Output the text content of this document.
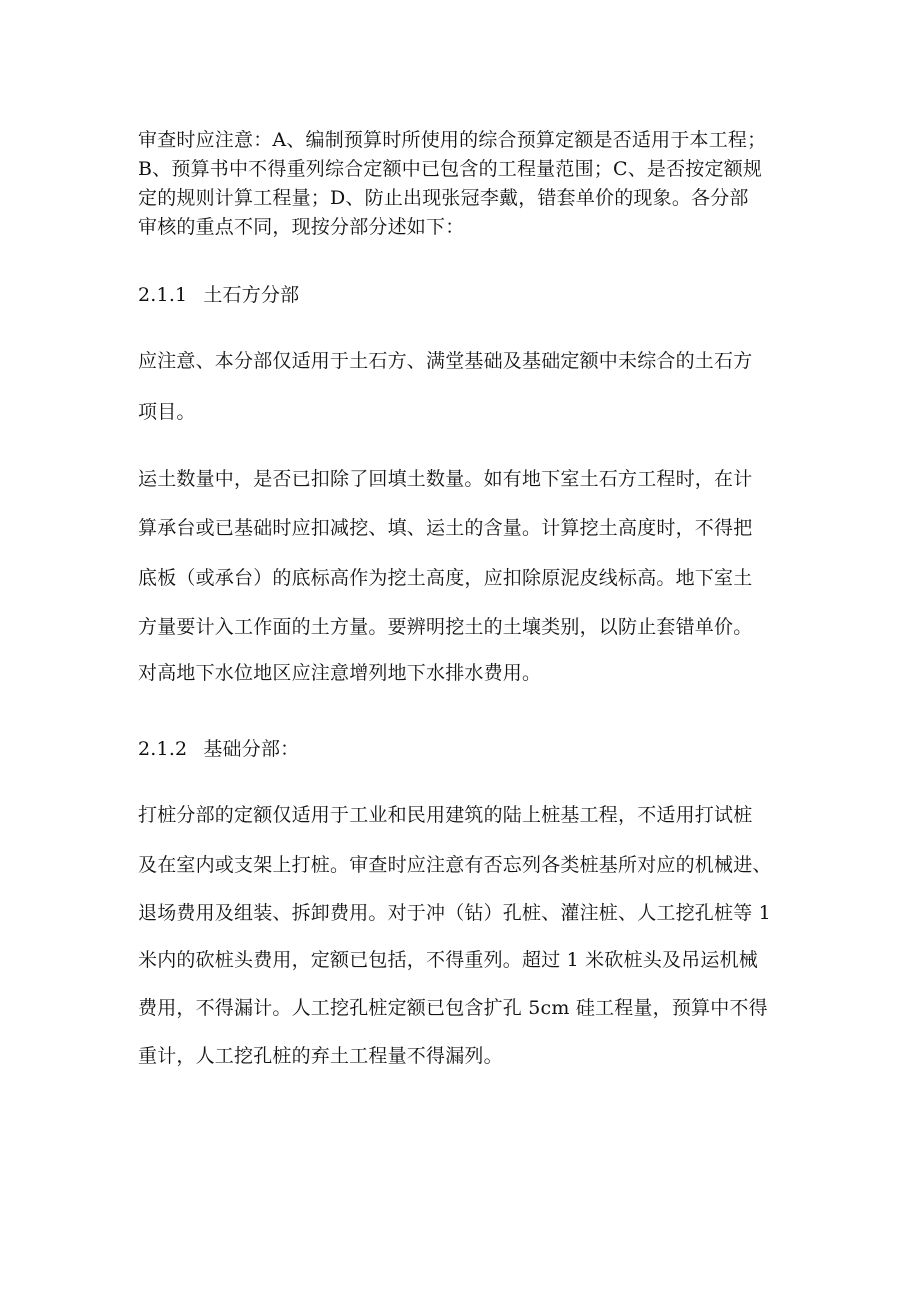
审查时应注意：A、编制预算时所使用的综合预算定额是否适用于本工程；
B、预算书中不得重列综合定额中已包含的工程量范围；C、是否按定额规
定的规则计算工程量；D、防止出现张冠李戴，错套单价的现象。各分部
审核的重点不同，现按分部分述如下：
2.1.1 土石方分部
应注意、本分部仅适用于土石方、满堂基础及基础定额中未综合的土石方
项目。
运土数量中，是否已扣除了回填土数量。如有地下室土石方工程时，在计
算承台或已基础时应扣减挖、填、运土的含量。计算挖土高度时，不得把
底板（或承台）的底标高作为挖土高度，应扣除原泥皮线标高。地下室土
方量要计入工作面的土方量。要辨明挖土的土壤类别，以防止套错单价。
对高地下水位地区应注意增列地下水排水费用。
2.1.2 基础分部：
打桩分部的定额仅适用于工业和民用建筑的陆上桩基工程，不适用打试桩
及在室内或支架上打桩。审查时应注意有否忘列各类桩基所对应的机械进、
退场费用及组装、拆卸费用。对于冲（钻）孔桩、灌注桩、人工挖孔桩等 1
米内的砍桩头费用，定额已包括，不得重列。超过 1 米砍桩头及吊运机械
费用，不得漏计。人工挖孔桩定额已包含扩孔 5cm 硅工程量，预算中不得
重计，人工挖孔桩的弃土工程量不得漏列。
